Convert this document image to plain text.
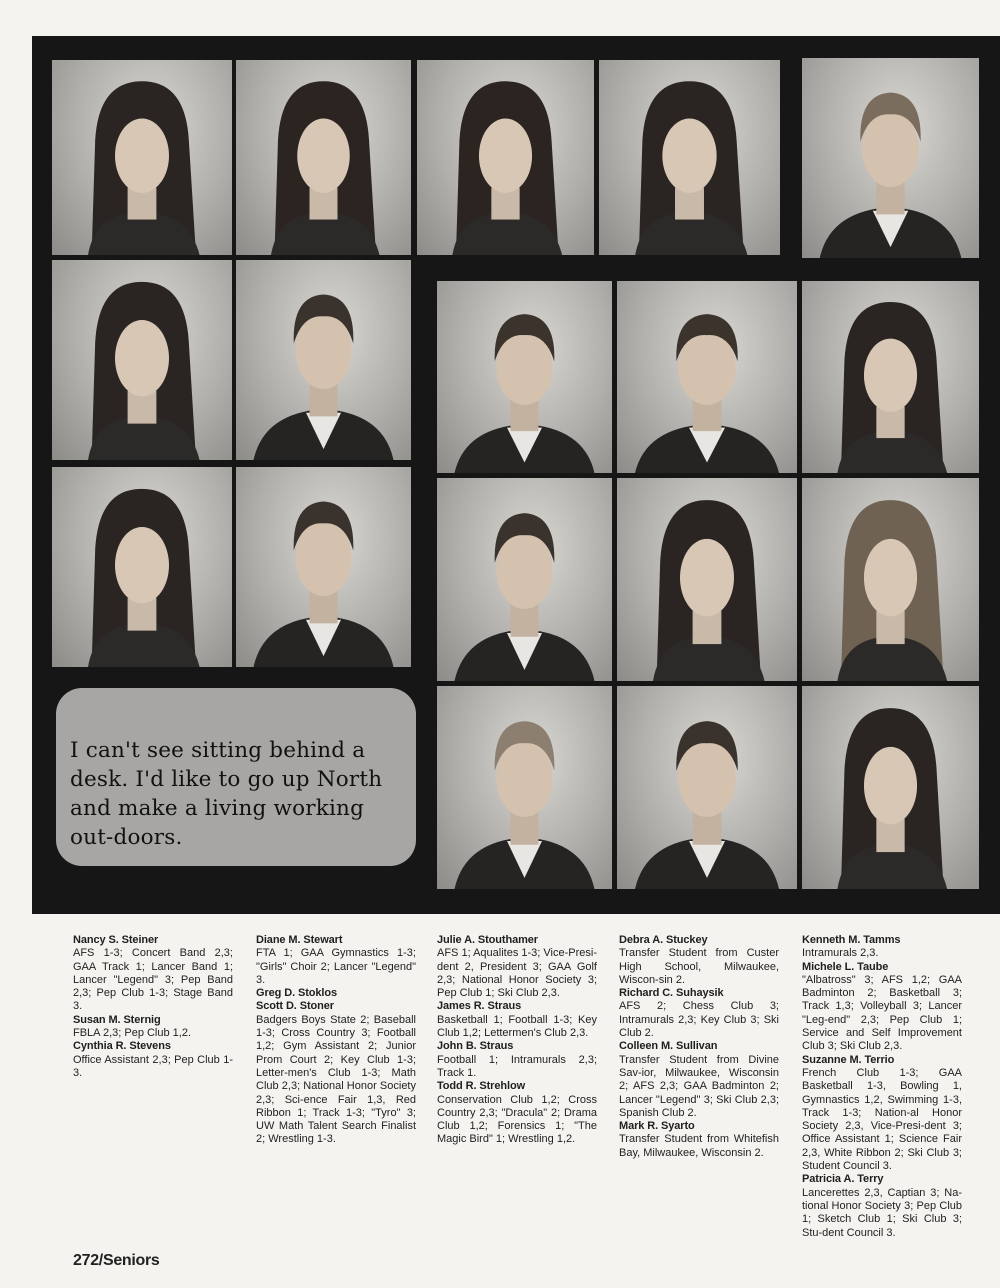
I can't see sitting behind a desk. I'd like to go up North and make a living working out-doors.

Nancy S. Steiner
AFS 1-3; Concert Band 2,3; GAA Track 1; Lancer Band 1; Lancer "Legend" 3; Pep Band 2,3; Pep Club 1-3; Stage Band 3.
Susan M. Sternig
FBLA 2,3; Pep Club 1,2.
Cynthia R. Stevens
Office Assistant 2,3; Pep Club 1-3.
Diane M. Stewart
FTA 1; GAA Gymnastics 1-3; "Girls" Choir 2; Lancer "Legend" 3.
Greg D. Stoklos
Scott D. Stoner
Badgers Boys State 2; Baseball 1-3; Cross Country 3; Football 1,2; Gym Assistant 2; Junior Prom Court 2; Key Club 1-3; Letter-men's Club 1-3; Math Club 2,3; National Honor Society 2,3; Sci-ence Fair 1,3, Red Ribbon 1; Track 1-3; "Tyro" 3; UW Math Talent Search Finalist 2; Wrestling 1-3.
Julie A. Stouthamer
AFS 1; Aqualites 1-3; Vice-Presi-dent 2, President 3; GAA Golf 2,3; National Honor Society 3; Pep Club 1; Ski Club 2,3.
James R. Straus
Basketball 1; Football 1-3; Key Club 1,2; Lettermen's Club 2,3.
John B. Straus
Football 1; Intramurals 2,3; Track 1.
Todd R. Strehlow
Conservation Club 1,2; Cross Country 2,3; "Dracula" 2; Drama Club 1,2; Forensics 1; "The Magic Bird" 1; Wrestling 1,2.
Debra A. Stuckey
Transfer Student from Custer High School, Milwaukee, Wiscon-sin 2.
Richard C. Suhaysik
AFS 2; Chess Club 3; Intramurals 2,3; Key Club 3; Ski Club 2.
Colleen M. Sullivan
Transfer Student from Divine Sav-ior, Milwaukee, Wisconsin 2; AFS 2,3; GAA Badminton 2; Lancer "Legend" 3; Ski Club 2,3; Spanish Club 2.
Mark R. Syarto
Transfer Student from Whitefish Bay, Milwaukee, Wisconsin 2.
Kenneth M. Tamms
Intramurals 2,3.
Michele L. Taube
"Albatross" 3; AFS 1,2; GAA Badminton 2; Basketball 3; Track 1,3; Volleyball 3; Lancer "Leg-end" 2,3; Pep Club 1; Service and Self Improvement Club 3; Ski Club 2,3.
Suzanne M. Terrio
French Club 1-3; GAA Basketball 1-3, Bowling 1, Gymnastics 1,2, Swimming 1-3, Track 1-3; Nation-al Honor Society 2,3, Vice-Presi-dent 3; Office Assistant 1; Science Fair 2,3, White Ribbon 2; Ski Club 3; Student Council 3.
Patricia A. Terry
Lancerettes 2,3, Captian 3; Na-tional Honor Society 3; Pep Club 1; Sketch Club 1; Ski Club 3; Stu-dent Council 3.
272/Seniors
